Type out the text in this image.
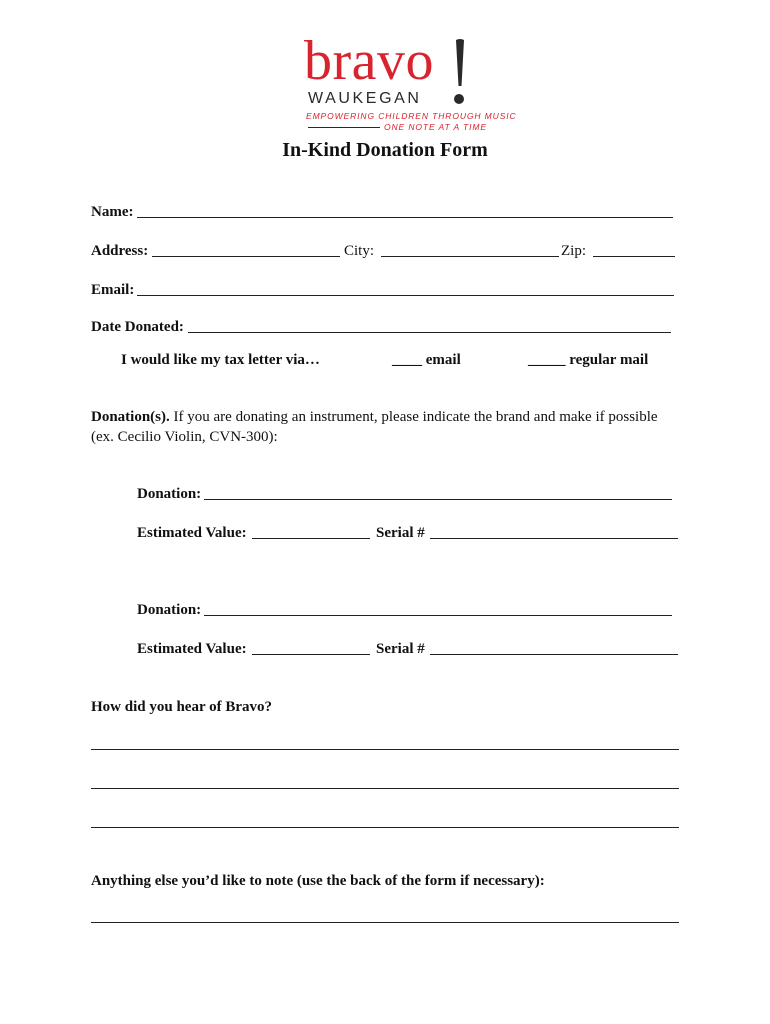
bravo
WAUKEGAN
EMPOWERING CHILDREN THROUGH MUSIC
ONE NOTE AT A TIME
In-Kind Donation Form
Name:
Address:	City:	Zip:
Email:
Date Donated:
I would like my tax letter via…	____ email	_____ regular mail
Donation(s). If you are donating an instrument, please indicate the brand and make if possible
(ex. Cecilio Violin, CVN-300):
Donation:
Estimated Value:	Serial #
Donation:
Estimated Value:	Serial #
How did you hear of Bravo?
Anything else you’d like to note (use the back of the form if necessary):
